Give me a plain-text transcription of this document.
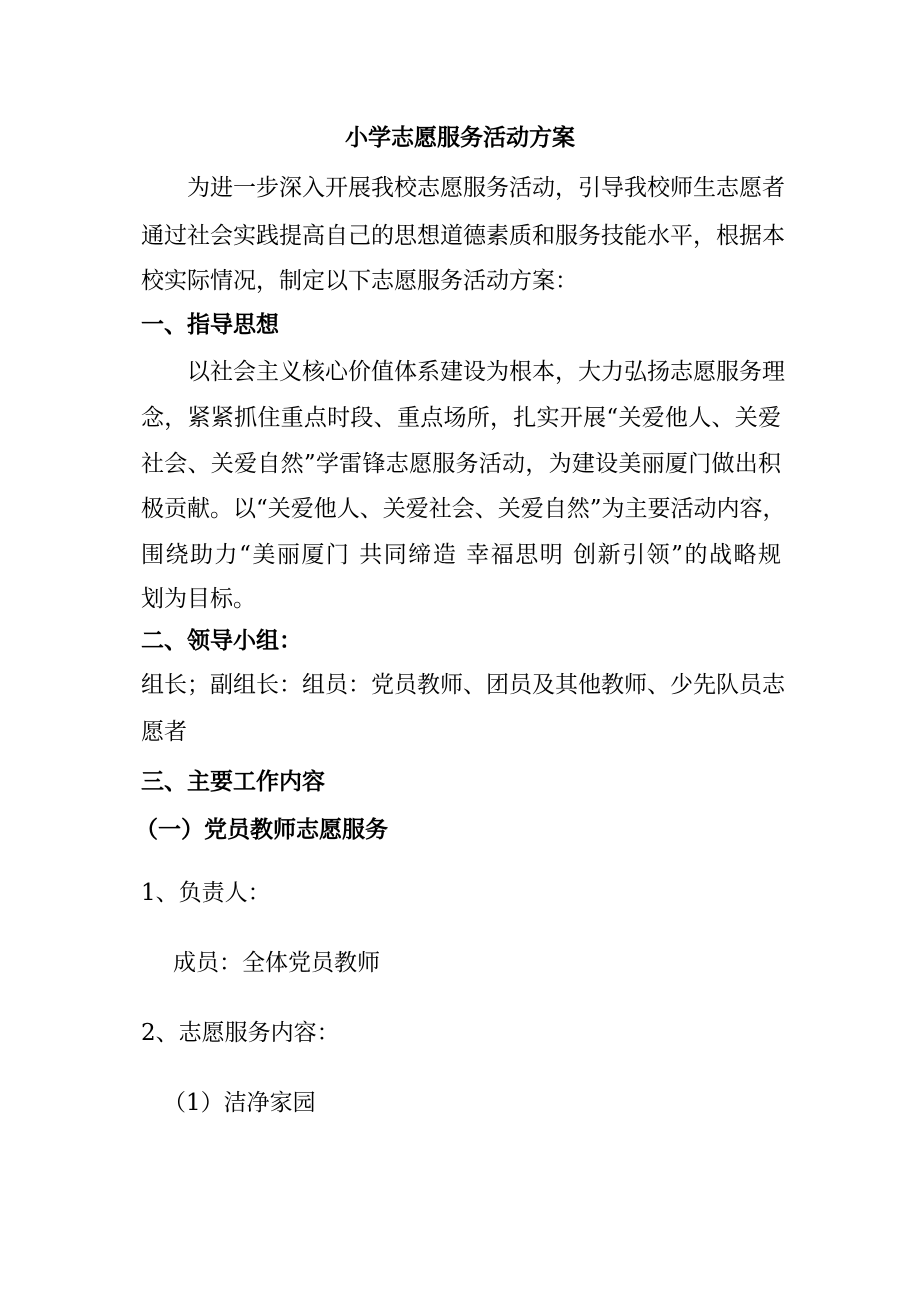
小学志愿服务活动方案
为进一步深入开展我校志愿服务活动，引导我校师生志愿者
通过社会实践提高自己的思想道德素质和服务技能水平，根据本
校实际情况，制定以下志愿服务活动方案：
一、指导思想
以社会主义核心价值体系建设为根本，大力弘扬志愿服务理
念，紧紧抓住重点时段、重点场所，扎实开展“关爱他人、关爱
社会、关爱自然”学雷锋志愿服务活动，为建设美丽厦门做出积
极贡献。以“关爱他人、关爱社会、关爱自然”为主要活动内容，
围绕助力“美丽厦门 共同缔造 幸福思明 创新引领”的战略规
划为目标。
二、领导小组：
组长；副组长：组员：党员教师、团员及其他教师、少先队员志
愿者
三、主要工作内容
（一）党员教师志愿服务
1、负责人：
成员：全体党员教师
2、志愿服务内容：
（1）洁净家园
